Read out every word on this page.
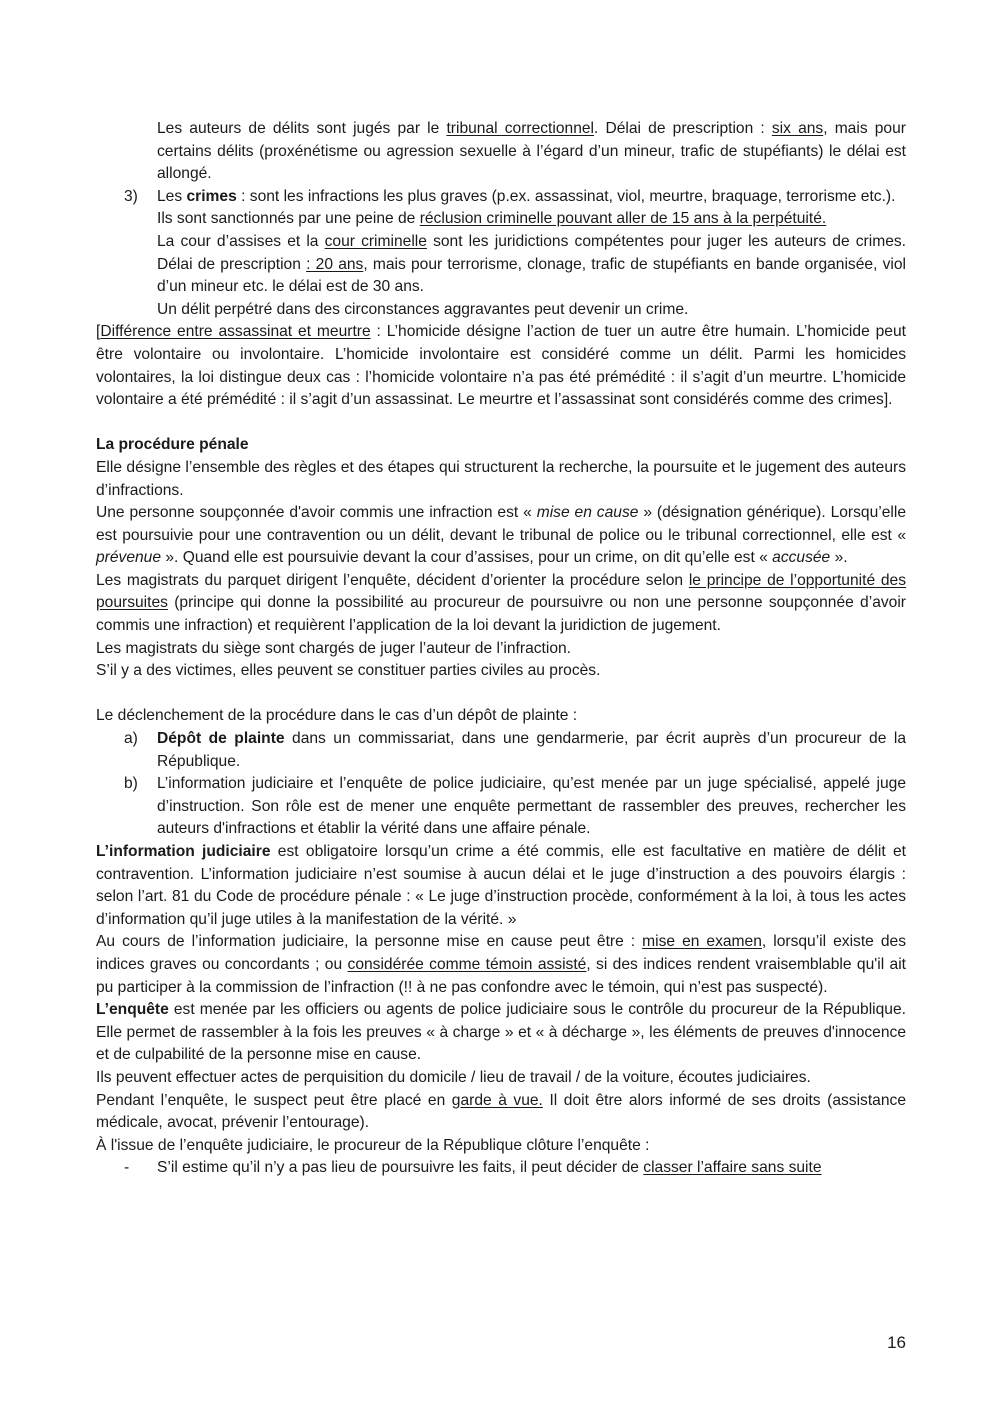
Les auteurs de délits sont jugés par le tribunal correctionnel. Délai de prescription : six ans, mais pour certains délits (proxénétisme ou agression sexuelle à l’égard d’un mineur, trafic de stupéfiants) le délai est allongé.

3)	Les crimes : sont les infractions les plus graves (p.ex. assassinat, viol, meurtre, braquage, terrorisme etc.).

Ils sont sanctionnés par une peine de réclusion criminelle pouvant aller de 15 ans à la perpétuité.

La cour d’assises et la cour criminelle sont les juridictions compétentes pour juger les auteurs de crimes. Délai de prescription : 20 ans, mais pour terrorisme, clonage, trafic de stupéfiants en bande organisée, viol d’un mineur etc. le délai est de 30 ans.

Un délit perpétré dans des circonstances aggravantes peut devenir un crime.

[Différence entre assassinat et meurtre : L’homicide désigne l’action de tuer un autre être humain. L’homicide peut être volontaire ou involontaire. L’homicide involontaire est considéré comme un délit. Parmi les homicides volontaires, la loi distingue deux cas : l’homicide volontaire n’a pas été prémédité : il s’agit d’un meurtre. L’homicide volontaire a été prémédité : il s’agit d’un assassinat. Le meurtre et l’assassinat sont considérés comme des crimes].

La procédure pénale

Elle désigne l’ensemble des règles et des étapes qui structurent la recherche, la poursuite et le jugement des auteurs d’infractions.

Une personne soupçonnée d'avoir commis une infraction est « mise en cause » (désignation générique). Lorsqu’elle est poursuivie pour une contravention ou un délit, devant le tribunal de police ou le tribunal correctionnel, elle est « prévenue ». Quand elle est poursuivie devant la cour d’assises, pour un crime, on dit qu’elle est « accusée ».

Les magistrats du parquet dirigent l’enquête, décident d’orienter la procédure selon le principe de l’opportunité des poursuites (principe qui donne la possibilité au procureur de poursuivre ou non une personne soupçonnée d’avoir commis une infraction) et requièrent l’application de la loi devant la juridiction de jugement.

Les magistrats du siège sont chargés de juger l’auteur de l’infraction.

S’il y a des victimes, elles peuvent se constituer parties civiles au procès.

Le déclenchement de la procédure dans le cas d’un dépôt de plainte :

a)	Dépôt de plainte dans un commissariat, dans une gendarmerie, par écrit auprès d’un procureur de la République.

b)	L’information judiciaire et l’enquête de police judiciaire, qu’est menée par un juge spécialisé, appelé juge d’instruction. Son rôle est de mener une enquête permettant de rassembler des preuves, rechercher les auteurs d'infractions et établir la vérité dans une affaire pénale.

L’information judiciaire est obligatoire lorsqu’un crime a été commis, elle est facultative en matière de délit et contravention. L’information judiciaire n’est soumise à aucun délai et le juge d’instruction a des pouvoirs élargis : selon l’art. 81 du Code de procédure pénale : « Le juge d’instruction procède, conformément à la loi, à tous les actes d’information qu’il juge utiles à la manifestation de la vérité. »

Au cours de l’information judiciaire, la personne mise en cause peut être : mise en examen, lorsqu’il existe des indices graves ou concordants ; ou considérée comme témoin assisté, si des indices rendent vraisemblable qu'il ait pu participer à la commission de l’infraction (!! à ne pas confondre avec le témoin, qui n’est pas suspecté).

L’enquête est menée par les officiers ou agents de police judiciaire sous le contrôle du procureur de la République. Elle permet de rassembler à la fois les preuves « à charge » et « à décharge », les éléments de preuves d'innocence et de culpabilité de la personne mise en cause.

Ils peuvent effectuer actes de perquisition du domicile / lieu de travail / de la voiture, écoutes judiciaires.

Pendant l’enquête, le suspect peut être placé en garde à vue. Il doit être alors informé de ses droits (assistance médicale, avocat, prévenir l’entourage).

À l'issue de l’enquête judiciaire, le procureur de la République clôture l’enquête :

-	S’il estime qu’il n’y a pas lieu de poursuivre les faits, il peut décider de classer l’affaire sans suite

16
